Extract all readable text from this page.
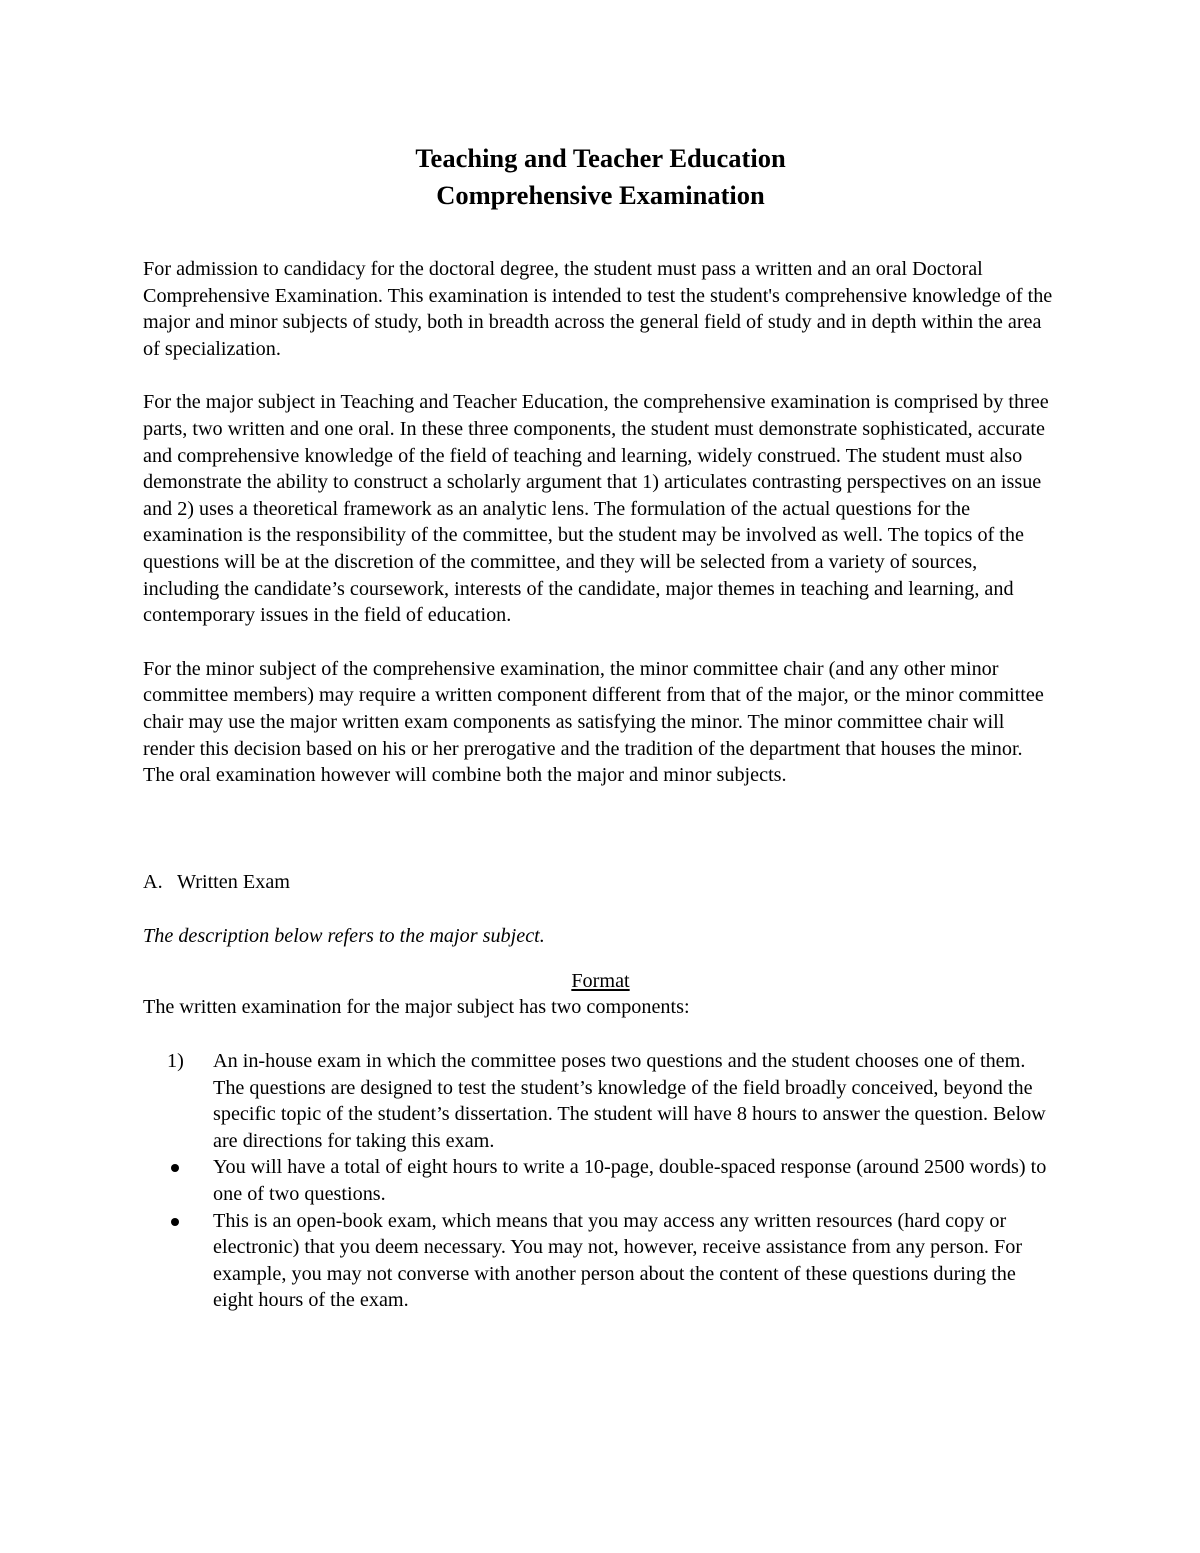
Teaching and Teacher Education
Comprehensive Examination

For admission to candidacy for the doctoral degree, the student must pass a written and an oral Doctoral Comprehensive Examination. This examination is intended to test the student's comprehensive knowledge of the major and minor subjects of study, both in breadth across the general field of study and in depth within the area of specialization.

For the major subject in Teaching and Teacher Education, the comprehensive examination is comprised by three parts, two written and one oral. In these three components, the student must demonstrate sophisticated, accurate and comprehensive knowledge of the field of teaching and learning, widely construed. The student must also demonstrate the ability to construct a scholarly argument that 1) articulates contrasting perspectives on an issue and 2) uses a theoretical framework as an analytic lens. The formulation of the actual questions for the examination is the responsibility of the committee, but the student may be involved as well. The topics of the questions will be at the discretion of the committee, and they will be selected from a variety of sources, including the candidate’s coursework, interests of the candidate, major themes in teaching and learning, and contemporary issues in the field of education.

For the minor subject of the comprehensive examination, the minor committee chair (and any other minor committee members) may require a written component different from that of the major, or the minor committee chair may use the major written exam components as satisfying the minor. The minor committee chair will render this decision based on his or her prerogative and the tradition of the department that houses the minor. The oral examination however will combine both the major and minor subjects.

A. Written Exam

The description below refers to the major subject.

Format

The written examination for the major subject has two components:

1) An in-house exam in which the committee poses two questions and the student chooses one of them. The questions are designed to test the student’s knowledge of the field broadly conceived, beyond the specific topic of the student’s dissertation. The student will have 8 hours to answer the question. Below are directions for taking this exam.
You will have a total of eight hours to write a 10-page, double-spaced response (around 2500 words) to one of two questions.
This is an open-book exam, which means that you may access any written resources (hard copy or electronic) that you deem necessary. You may not, however, receive assistance from any person. For example, you may not converse with another person about the content of these questions during the eight hours of the exam.
